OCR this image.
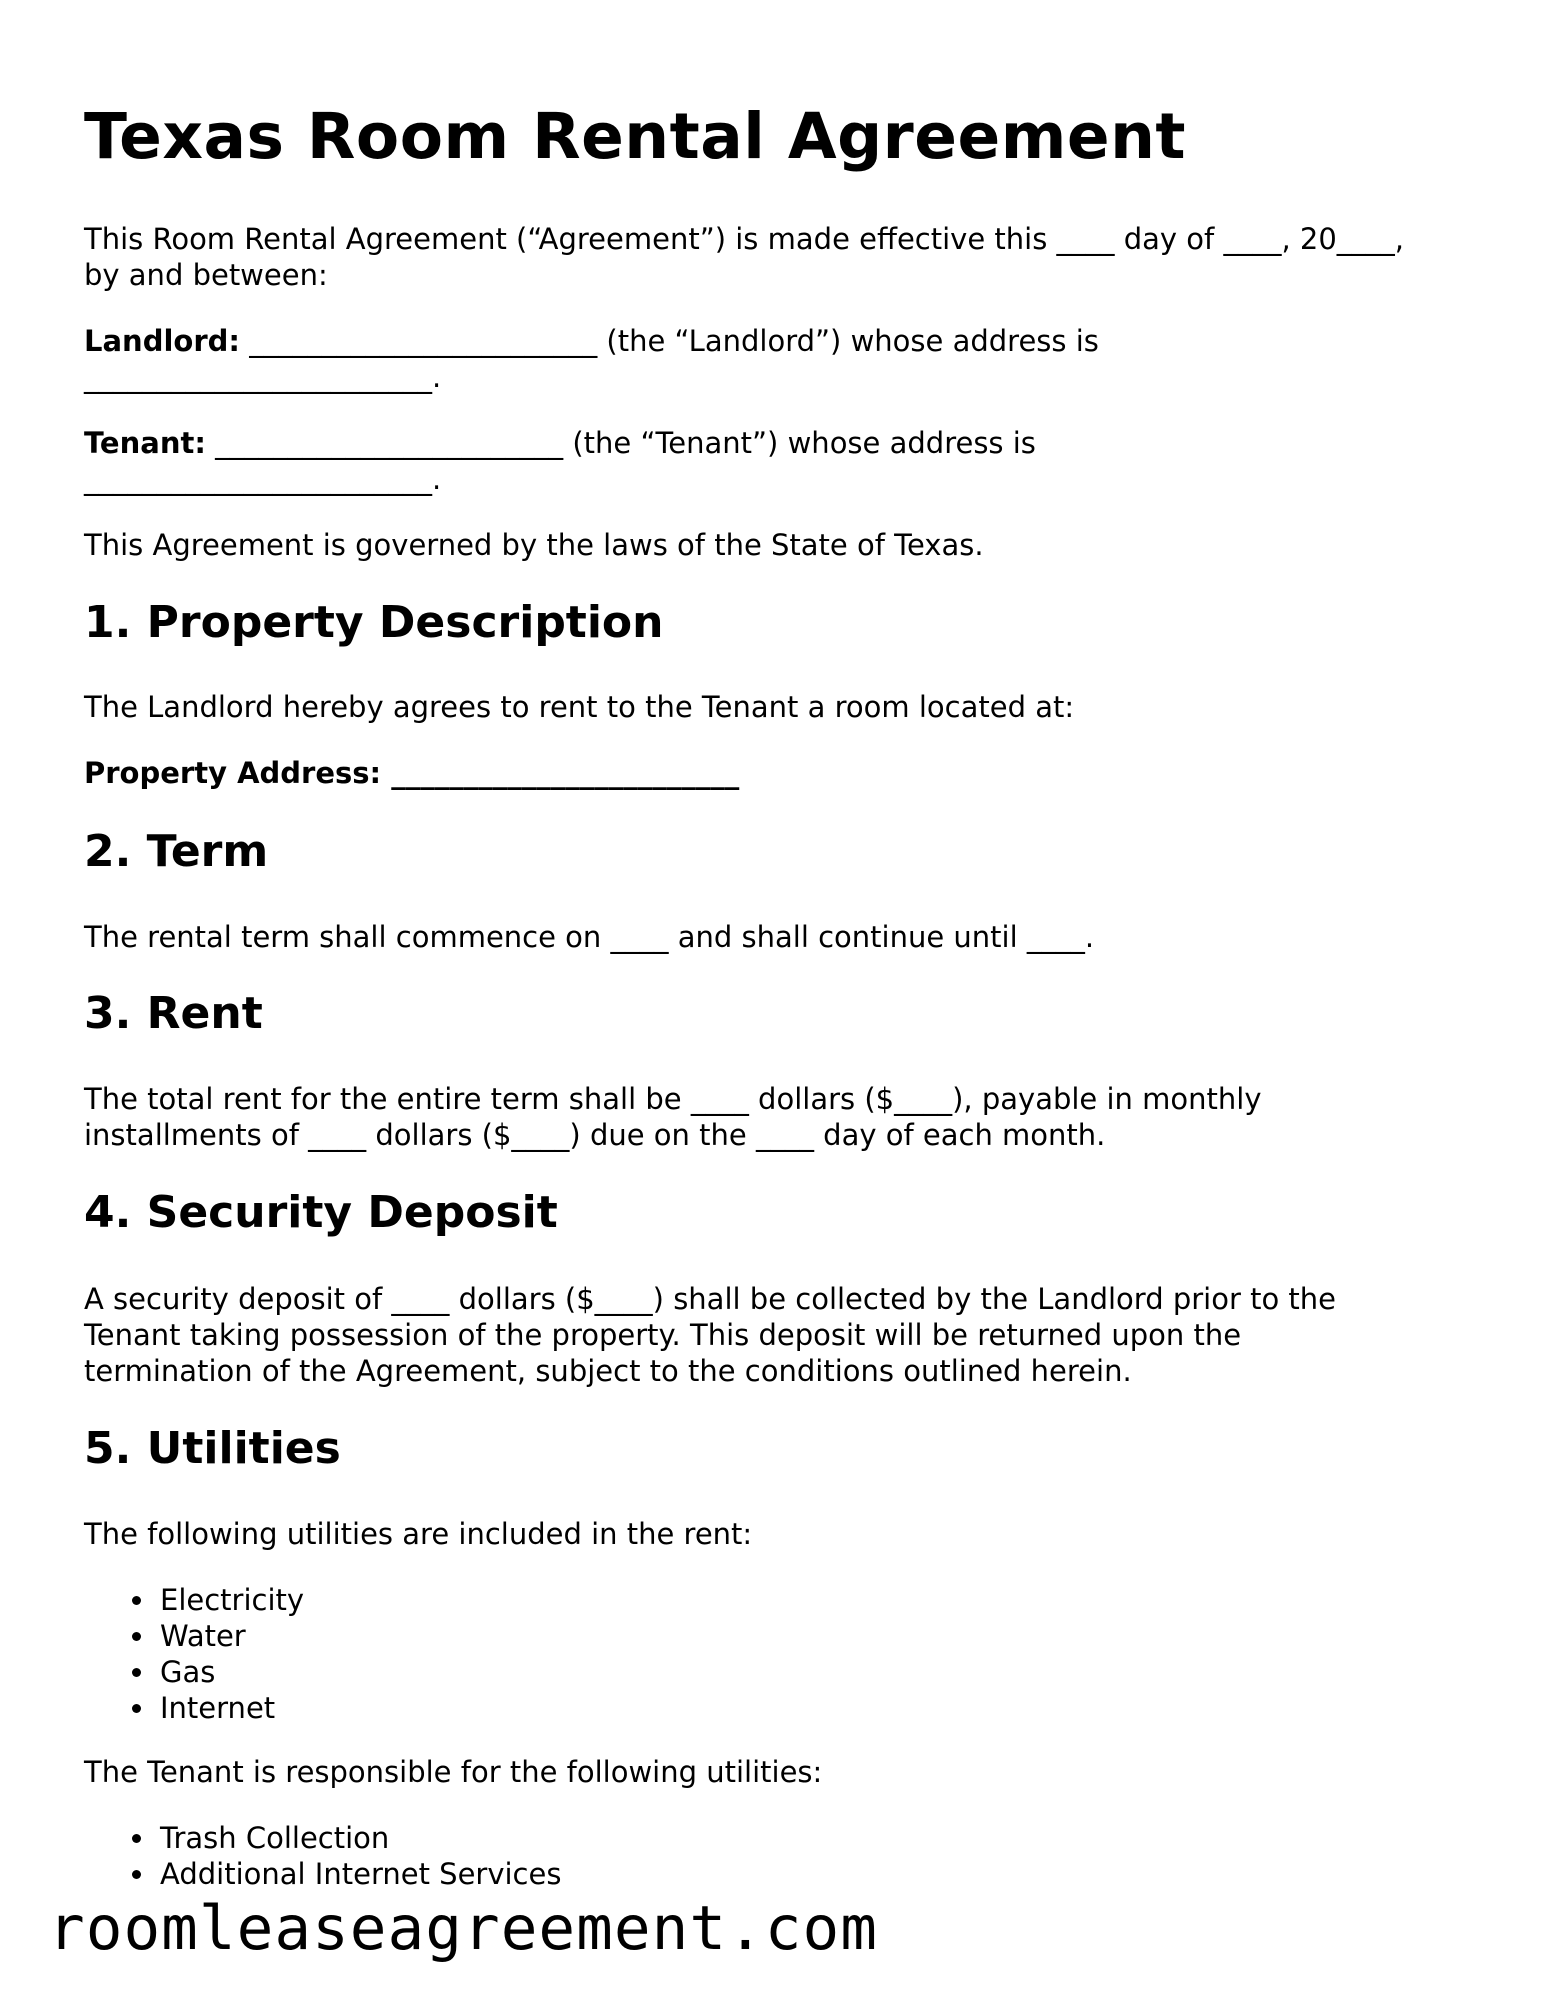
Texas Room Rental Agreement

This Room Rental Agreement (“Agreement”) is made effective this ____ day of ____, 20____,

by and between:

Landlord: ________________________ (the “Landlord”) whose address is

________________________.

Tenant: ________________________ (the “Tenant”) whose address is

________________________.

This Agreement is governed by the laws of the State of Texas.

1. Property Description

The Landlord hereby agrees to rent to the Tenant a room located at:

Property Address: ________________________

2. Term

The rental term shall commence on ____ and shall continue until ____.

3. Rent

The total rent for the entire term shall be ____ dollars ($____), payable in monthly

installments of ____ dollars ($____) due on the ____ day of each month.

4. Security Deposit

A security deposit of ____ dollars ($____) shall be collected by the Landlord prior to the

Tenant taking possession of the property. This deposit will be returned upon the

termination of the Agreement, subject to the conditions outlined herein.

5. Utilities

The following utilities are included in the rent:

Electricity
Water
Gas
Internet

The Tenant is responsible for the following utilities:

Trash Collection
Additional Internet Services
roomleaseagreement.com
